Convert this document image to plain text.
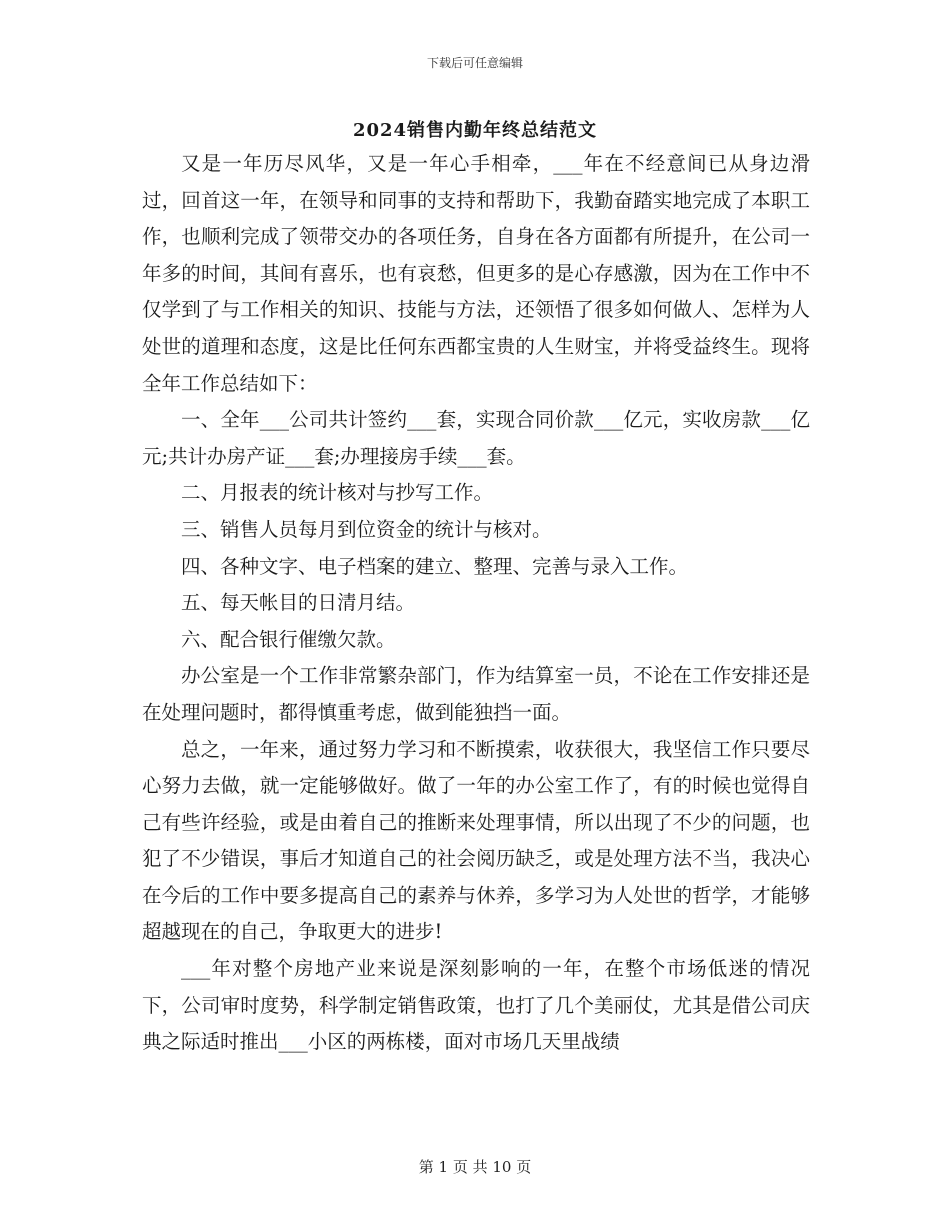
下载后可任意编辑
2024销售内勤年终总结范文

又是一年历尽风华，又是一年心手相牵，___年在不经意间已从身边滑过，回首这一年，在领导和同事的支持和帮助下，我勤奋踏实地完成了本职工作，也顺利完成了领带交办的各项任务，自身在各方面都有所提升，在公司一年多的时间，其间有喜乐，也有哀愁，但更多的是心存感激，因为在工作中不仅学到了与工作相关的知识、技能与方法，还领悟了很多如何做人、怎样为人处世的道理和态度，这是比任何东西都宝贵的人生财宝，并将受益终生。现将全年工作总结如下：

一、全年___公司共计签约___套，实现合同价款___亿元，实收房款___亿元;共计办房产证___套;办理接房手续___套。

二、月报表的统计核对与抄写工作。

三、销售人员每月到位资金的统计与核对。

四、各种文字、电子档案的建立、整理、完善与录入工作。

五、每天帐目的日清月结。

六、配合银行催缴欠款。

办公室是一个工作非常繁杂部门，作为结算室一员，不论在工作安排还是在处理问题时，都得慎重考虑，做到能独挡一面。

总之，一年来，通过努力学习和不断摸索，收获很大，我坚信工作只要尽心努力去做，就一定能够做好。做了一年的办公室工作了，有的时候也觉得自己有些许经验，或是由着自己的推断来处理事情，所以出现了不少的问题，也犯了不少错误，事后才知道自己的社会阅历缺乏，或是处理方法不当，我决心在今后的工作中要多提高自己的素养与休养，多学习为人处世的哲学，才能够超越现在的自己，争取更大的进步!

___年对整个房地产业来说是深刻影响的一年，在整个市场低迷的情况下，公司审时度势，科学制定销售政策，也打了几个美丽仗，尤其是借公司庆典之际适时推出___小区的两栋楼，面对市场几天里战绩

第 1 页 共 10 页
